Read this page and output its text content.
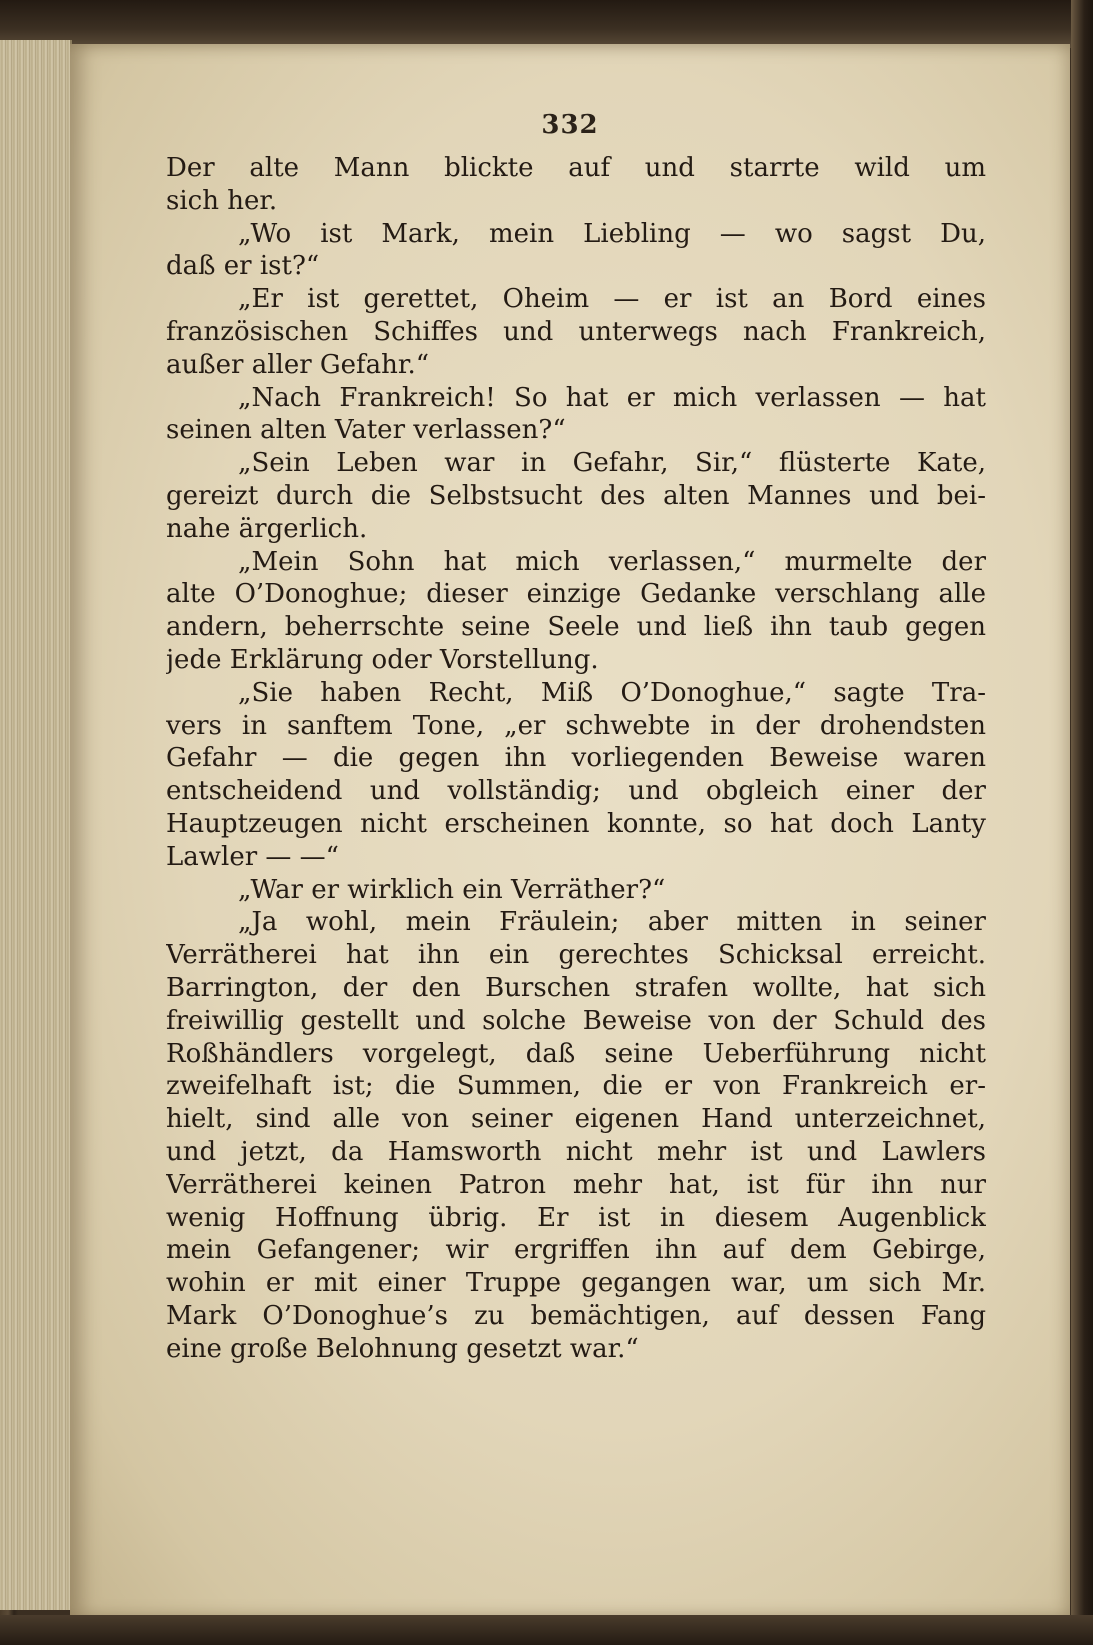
332
Der alte Mann blickte auf und starrte wild um
sich her.
„Wo ist Mark, mein Liebling — wo sagst Du,
daß er ist?“
„Er ist gerettet, Oheim — er ist an Bord eines
französischen Schiffes und unterwegs nach Frankreich,
außer aller Gefahr.“
„Nach Frankreich! So hat er mich verlassen — hat
seinen alten Vater verlassen?“
„Sein Leben war in Gefahr, Sir,“ flüsterte Kate,
gereizt durch die Selbstsucht des alten Mannes und bei-
nahe ärgerlich.
„Mein Sohn hat mich verlassen,“ murmelte der
alte O’Donoghue; dieser einzige Gedanke verschlang alle
andern, beherrschte seine Seele und ließ ihn taub gegen
jede Erklärung oder Vorstellung.
„Sie haben Recht, Miß O’Donoghue,“ sagte Tra-
vers in sanftem Tone, „er schwebte in der drohendsten
Gefahr — die gegen ihn vorliegenden Beweise waren
entscheidend und vollständig; und obgleich einer der
Hauptzeugen nicht erscheinen konnte, so hat doch Lanty
Lawler — —“
„War er wirklich ein Verräther?“
„Ja wohl, mein Fräulein; aber mitten in seiner
Verrätherei hat ihn ein gerechtes Schicksal erreicht.
Barrington, der den Burschen strafen wollte, hat sich
freiwillig gestellt und solche Beweise von der Schuld des
Roßhändlers vorgelegt, daß seine Ueberführung nicht
zweifelhaft ist; die Summen, die er von Frankreich er-
hielt, sind alle von seiner eigenen Hand unterzeichnet,
und jetzt, da Hamsworth nicht mehr ist und Lawlers
Verrätherei keinen Patron mehr hat, ist für ihn nur
wenig Hoffnung übrig. Er ist in diesem Augenblick
mein Gefangener; wir ergriffen ihn auf dem Gebirge,
wohin er mit einer Truppe gegangen war, um sich Mr.
Mark O’Donoghue’s zu bemächtigen, auf dessen Fang
eine große Belohnung gesetzt war.“
